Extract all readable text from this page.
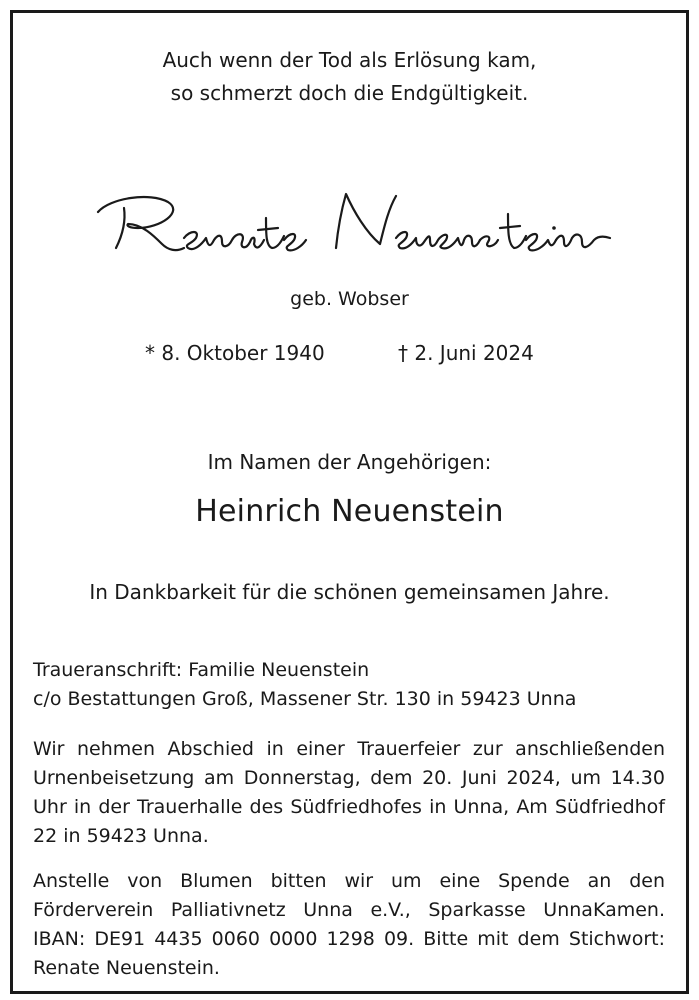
Auch wenn der Tod als Erlösung kam,
so schmerzt doch die Endgültigkeit.
geb. Wobser
* 8. Oktober 1940	† 2. Juni 2024
Im Namen der Angehörigen:
Heinrich Neuenstein
In Dankbarkeit für die schönen gemeinsamen Jahre.
Traueranschrift: Familie Neuenstein
c/o Bestattungen Groß, Massener Str. 130 in 59423 Unna
Wir nehmen Abschied in einer Trauerfeier zur anschließenden Urnenbeisetzung am Donnerstag, dem 20. Juni 2024, um 14.30 Uhr in der Trauerhalle des Südfriedhofes in Unna, Am Südfriedhof 22 in 59423 Unna.
Anstelle von Blumen bitten wir um eine Spende an den Förderverein Palliativnetz Unna e.V., Sparkasse UnnaKamen. IBAN: DE91 4435 0060 0000 1298 09. Bitte mit dem Stichwort: Renate Neuenstein.
